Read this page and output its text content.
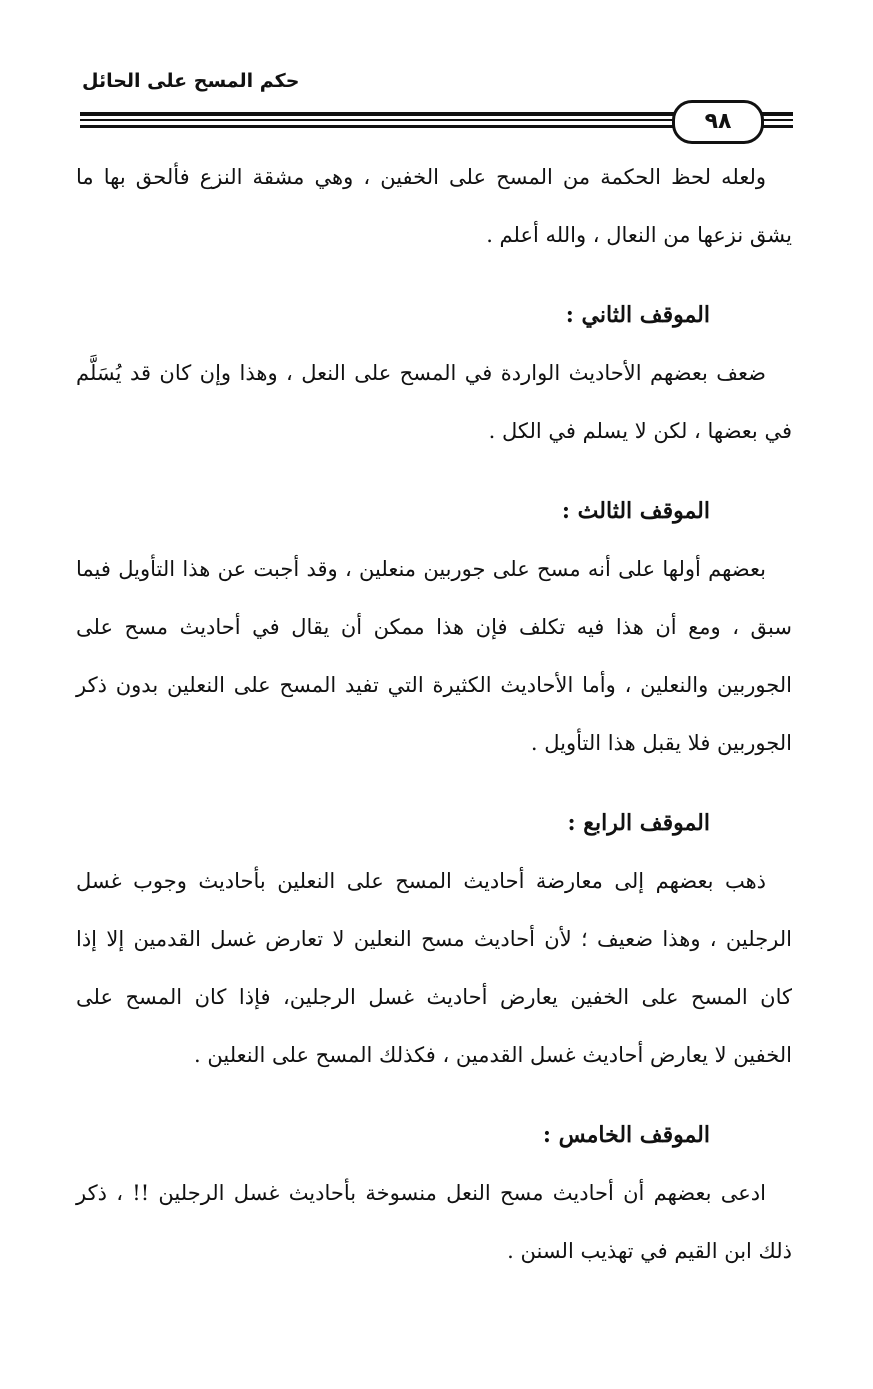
حكم المسح على الحائل
٩٨

ولعله لحظ الحكمة من المسح على الخفين ، وهي مشقة النزع فألحق بها ما يشق نزعها من النعال ، والله أعلم .

الموقف الثاني :

ضعف بعضهم الأحاديث الواردة في المسح على النعل ، وهذا وإن كان قد يُسَلَّم في بعضها ، لكن لا يسلم في الكل .

الموقف الثالث :

بعضهم أولها على أنه مسح على جوربين منعلين ، وقد أجبت عن هذا التأويل فيما سبق ، ومع أن هذا فيه تكلف فإن هذا ممكن أن يقال في أحاديث مسح على الجوربين والنعلين ، وأما الأحاديث الكثيرة التي تفيد المسح على النعلين بدون ذكر الجوربين فلا يقبل هذا التأويل .

الموقف الرابع :

ذهب بعضهم إلى معارضة أحاديث المسح على النعلين بأحاديث وجوب غسل الرجلين ، وهذا ضعيف ؛ لأن أحاديث مسح النعلين لا تعارض غسل القدمين إلا إذا كان المسح على الخفين يعارض أحاديث غسل الرجلين، فإذا كان المسح على الخفين لا يعارض أحاديث غسل القدمين ، فكذلك المسح على النعلين .

الموقف الخامس :

ادعى بعضهم أن أحاديث مسح النعل منسوخة بأحاديث غسل الرجلين !! ، ذكر ذلك ابن القيم في تهذيب السنن .
